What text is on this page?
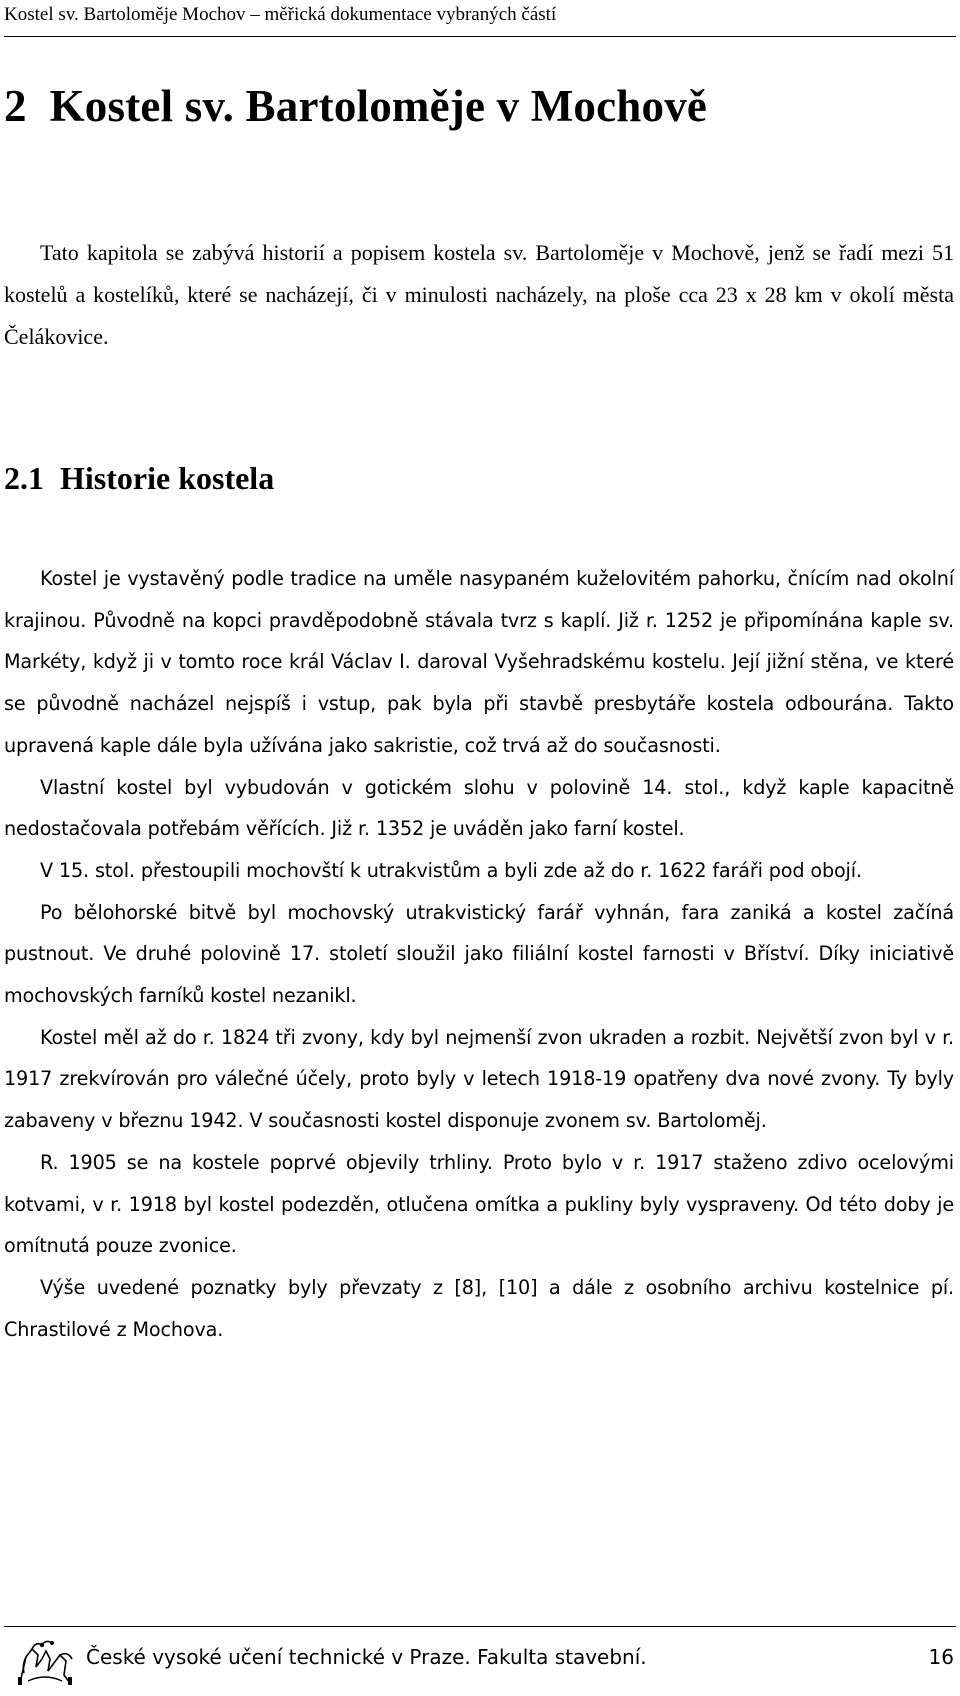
Kostel sv. Bartoloměje Mochov – měřická dokumentace vybraných částí
2  Kostel sv. Bartoloměje v Mochově

Tato kapitola se zabývá historií a popisem kostela sv. Bartoloměje v Mochově, jenž se řadí mezi 51 kostelů a kostelíků, které se nacházejí, či v minulosti nacházely, na ploše cca 23 x 28 km v okolí města Čelákovice.

2.1  Historie kostela

Kostel je vystavěný podle tradice na uměle nasypaném kuželovitém pahorku, čnícím nad okolní krajinou. Původně na kopci pravděpodobně stávala tvrz s kaplí. Již r. 1252 je připomínána kaple sv. Markéty, když ji v tomto roce král Václav I. daroval Vyšehradskému kostelu. Její jižní stěna, ve které se původně nacházel nejspíš i vstup, pak byla při stavbě presbytáře kostela odbourána. Takto upravená kaple dále byla užívána jako sakristie, což trvá až do současnosti.

Vlastní kostel byl vybudován v gotickém slohu v polovině 14. stol., když kaple kapacitně nedostačovala potřebám věřících. Již r. 1352 je uváděn jako farní kostel.

V 15. stol. přestoupili mochovští k utrakvistům a byli zde až do r. 1622 faráři pod obojí.

Po bělohorské bitvě byl mochovský utrakvistický farář vyhnán, fara zaniká a kostel začíná pustnout. Ve druhé polovině 17. století sloužil jako filiální kostel farnosti v Bříství. Díky iniciativě mochovských farníků kostel nezanikl.

Kostel měl až do r. 1824 tři zvony, kdy byl nejmenší zvon ukraden a rozbit. Největší zvon byl v r. 1917 zrekvírován pro válečné účely, proto byly v letech 1918-19 opatřeny dva nové zvony. Ty byly zabaveny v březnu 1942. V současnosti kostel disponuje zvonem sv. Bartoloměj.

R. 1905 se na kostele poprvé objevily trhliny. Proto bylo v r. 1917 staženo zdivo ocelovými kotvami, v r. 1918 byl kostel podezděn, otlučena omítka a pukliny byly vyspraveny. Od této doby je omítnutá pouze zvonice.

Výše uvedené poznatky byly převzaty z [8], [10] a dále z osobního archivu kostelnice pí. Chrastilové z Mochova.

České vysoké učení technické v Praze. Fakulta stavební.	16
